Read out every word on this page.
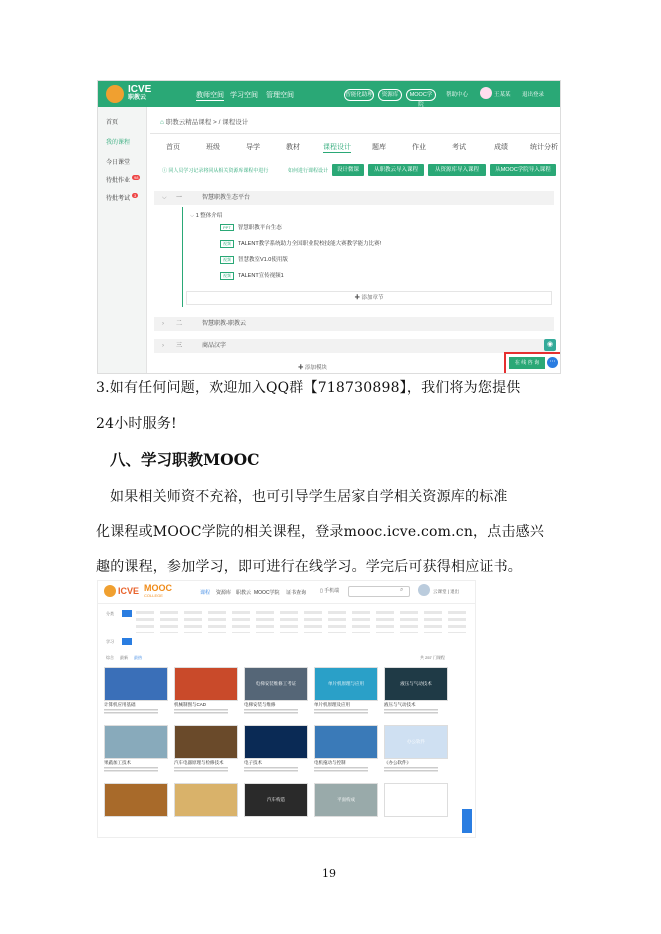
ICVE
职教云	教师空间 学习空间 管理空间	智能化助理	资源库	MOOC学院
帮助中心	王某某 退出登录
首页
我的课程
今日课堂
待批作业98
待批考试3
⌂ 职教云精品课程 > / 课程设计
首页	班级	导学	教材	课程设计	题库	作业	考试	成绩	统计分析
ⓘ 同人员学习记录将同从相关资源库课程中进行	如何进行课程设计	设计微课	从职教云导入课程	从资源库导入课程	从MOOC学院导入课程
⌵ 一	智慧职教生态平台
⌵ 1 整体介绍
PPT 智慧职教平台生态
视频 TALENT教学系统助力全国职业院校技能大赛教学能力比赛!
视频 智慧教室V1.0使用版
视频 TALENT宣传视频1
✚ 添加章节
› 二	智慧职教-职教云
› 三	商品汉字
✚ 添加模块
◉
在 线 咨 询	⋯
3.如有任何问题，欢迎加入QQ群【718730898】，我们将为您提供
24小时服务!
八、学习职教MOOC
如果相关师资不充裕，也可引导学生居家自学相关资源库的标准
化课程或MOOC学院的相关课程，登录mooc.icve.com.cn，点击感兴
趣的课程，参加学习，即可进行在线学习。学完后可获得相应证书。
ICVE MOOC
COLLEGE	课程 资源库 职教云 MOOC学院 证书查询	▯ 手机端	⌕	云课堂 | 退出
分类
学习
综合 最新 最热	共 257 门课程
计算机应用基础	机械制图与CAD
电梯安装维修工考证
电梯安装与维修
单片机原理与应用
单片机原理及应用
液压与气动技术
液压与气动技术
果蔬加工技术	汽车电器原理与检修技术	电子技术	电机拖动与控制
办公软件
《办公软件》
汽车构造	平面构成
19
